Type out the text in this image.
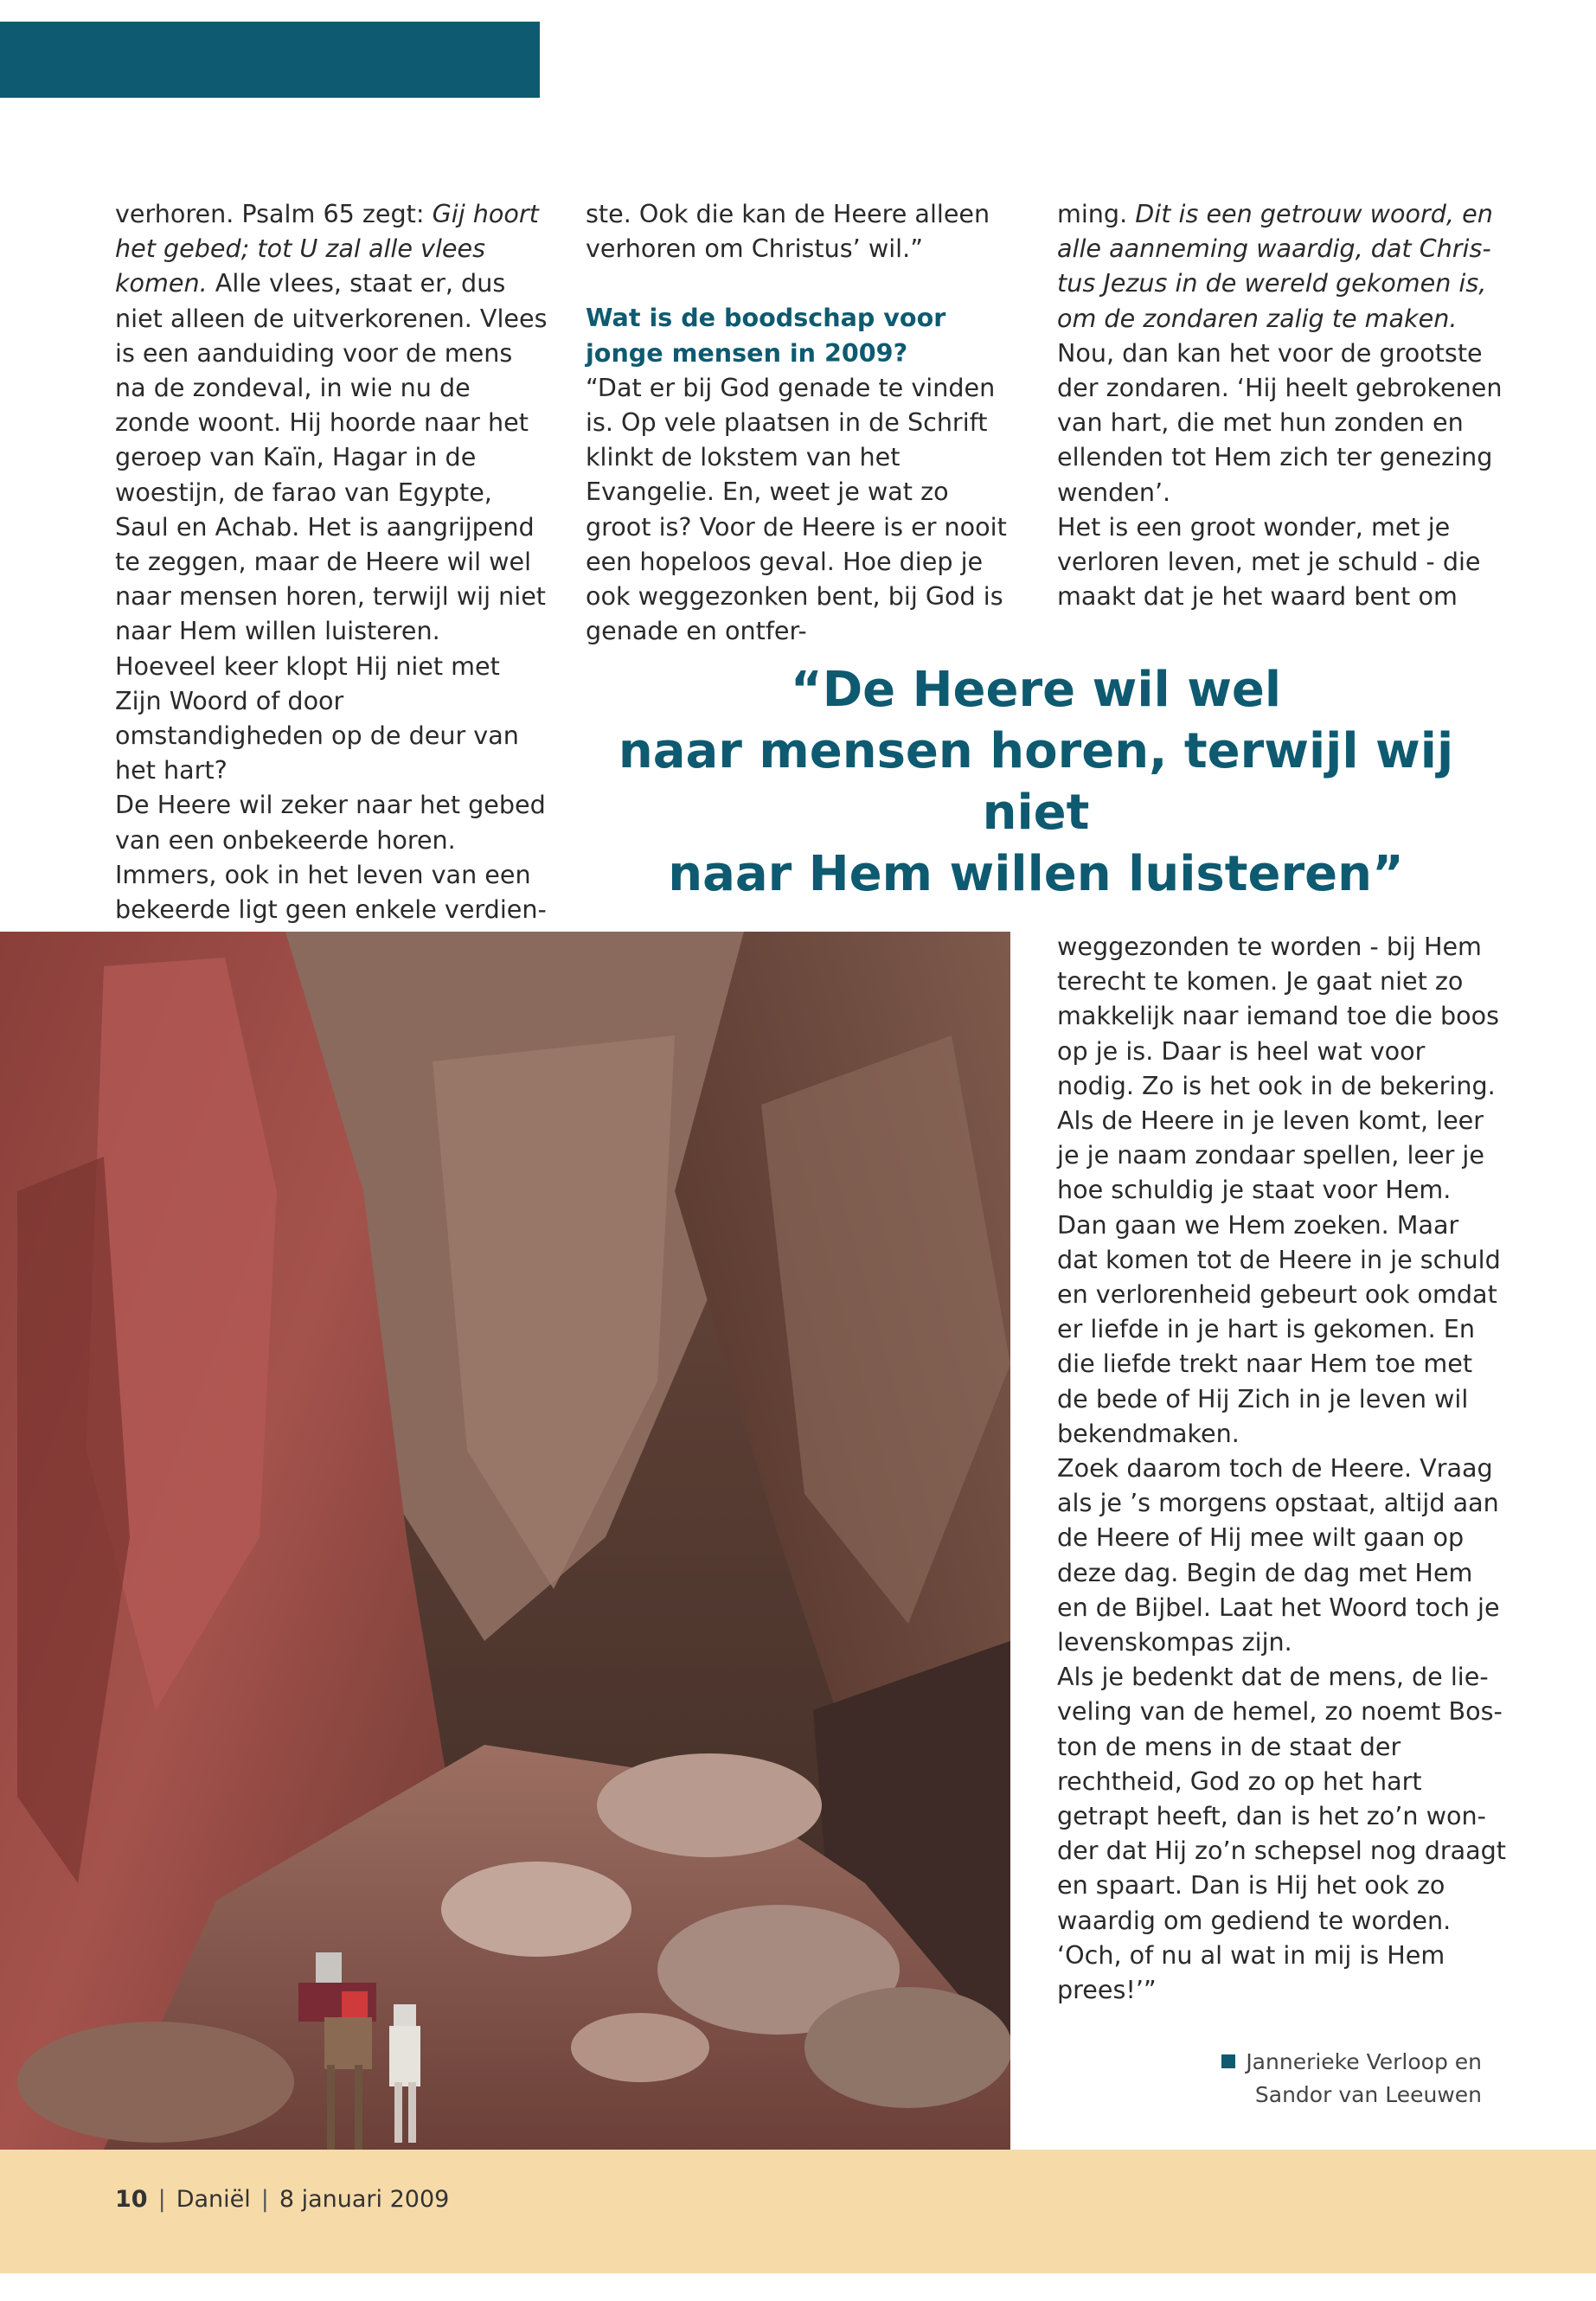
verhoren. Psalm 65 zegt: Gij hoort het gebed; tot U zal alle vlees komen. Alle vlees, staat er, dus niet alleen de uitverkorenen. Vlees is een aanduiding voor de mens na de zondeval, in wie nu de zonde woont. Hij hoorde naar het geroep van Kaïn, Hagar in de woestijn, de farao van Egypte, Saul en Achab. Het is aangrijpend te zeggen, maar de Heere wil wel naar mensen horen, terwijl wij niet naar Hem willen luisteren. Hoeveel keer klopt Hij niet met Zijn Woord of door omstandigheden op de deur van het hart?

De Heere wil zeker naar het gebed van een onbekeerde horen. Immers, ook in het leven van een bekeerde ligt geen enkele verdien-

ste. Ook die kan de Heere alleen verhoren om Christus’ wil.”

Wat is de boodschap voor jonge mensen in 2009?

“Dat er bij God genade te vinden is. Op vele plaatsen in de Schrift klinkt de lokstem van het Evangelie. En, weet je wat zo groot is? Voor de Heere is er nooit een hopeloos geval. Hoe diep je ook weggezonken bent, bij God is genade en ontfer-

ming. Dit is een getrouw woord, en alle aanneming waardig, dat Chris-tus Jezus in de wereld gekomen is, om de zondaren zalig te maken. Nou, dan kan het voor de grootste der zondaren. ‘Hij heelt gebrokenen van hart, die met hun zonden en ellenden tot Hem zich ter genezing wenden’.

Het is een groot wonder, met je verloren leven, met je schuld - die maakt dat je het waard bent om

“De Heere wil wel

naar mensen horen, terwijl wij niet

naar Hem willen luisteren”

weggezonden te worden - bij Hem terecht te komen. Je gaat niet zo makkelijk naar iemand toe die boos op je is. Daar is heel wat voor nodig. Zo is het ook in de bekering. Als de Heere in je leven komt, leer je je naam zondaar spellen, leer je hoe schuldig je staat voor Hem. Dan gaan we Hem zoeken. Maar dat komen tot de Heere in je schuld en verlorenheid gebeurt ook omdat er liefde in je hart is gekomen. En die liefde trekt naar Hem toe met de bede of Hij Zich in je leven wil bekendmaken.

Zoek daarom toch de Heere. Vraag als je ’s morgens opstaat, altijd aan de Heere of Hij mee wilt gaan op deze dag. Begin de dag met Hem en de Bijbel. Laat het Woord toch je levenskompas zijn.

Als je bedenkt dat de mens, de lie-veling van de hemel, zo noemt Bos-ton de mens in de staat der rechtheid, God zo op het hart getrapt heeft, dan is het zo’n won-der dat Hij zo’n schepsel nog draagt en spaart. Dan is Hij het ook zo waardig om gediend te worden. ‘Och, of nu al wat in mij is Hem prees!’”

Jannerieke Verloop en

Sandor van Leeuwen

10 | Daniël | 8 januari 2009
